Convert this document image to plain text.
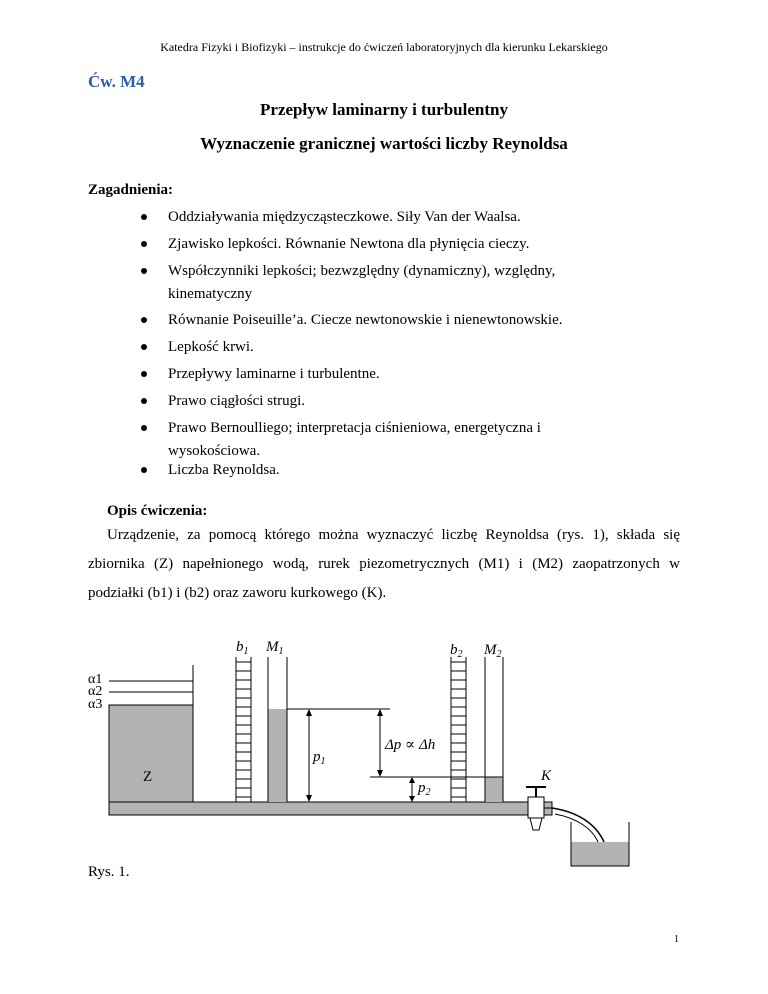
Katedra Fizyki i Biofizyki – instrukcje do ćwiczeń laboratoryjnych dla kierunku Lekarskiego
Ćw. M4
Przepływ laminarny i turbulentny
Wyznaczenie granicznej wartości liczby Reynoldsa
Zagadnienia:
Oddziaływania międzycząsteczkowe. Siły Van der Waalsa.
Zjawisko lepkości. Równanie Newtona dla płynięcia cieczy.
Współczynniki lepkości; bezwzględny (dynamiczny), względny,
kinematyczny
Równanie Poiseuille’a. Ciecze newtonowskie i nienewtonowskie.
Lepkość krwi.
Przepływy laminarne i turbulentne.
Prawo ciągłości strugi.
Prawo Bernoulliego; interpretacja ciśnieniowa, energetyczna i
wysokościowa.
Liczba Reynoldsa.
Opis ćwiczenia:
Urządzenie, za pomocą którego można wyznaczyć liczbę Reynoldsa (rys. 1), składa się
zbiornika (Z) napełnionego wodą, rurek piezometrycznych (M1) i (M2) zaopatrzonych w
podziałki (b1) i (b2) oraz zaworu kurkowego (K).
$b_1$ $M_1$	$b_2$ $M_2$
α1
α2
α3
Z
$p_1$
Δp ∝ Δh
$p_2$
K
Rys. 1.
1
